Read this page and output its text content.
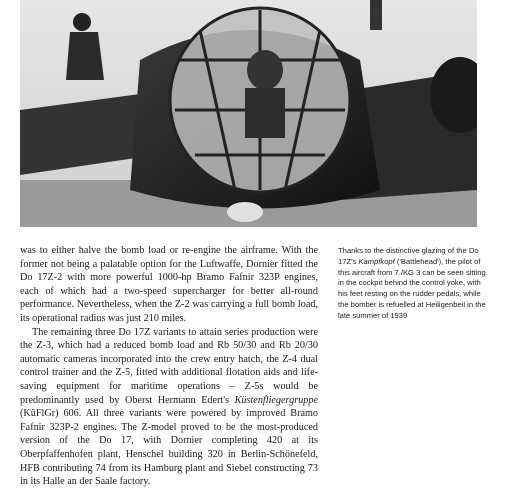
was to either halve the bomb load or re-engine the airframe. With the former not being a palatable option for the Luftwaffe, Dornier fitted the Do 17Z-2 with more powerful 1000-hp Bramo Fafnir 323P engines, each of which had a two-speed supercharger for better all-round performance. Nevertheless, when the Z-2 was carrying a full bomb load, its operational radius was just 210 miles.

The remaining three Do 17Z variants to attain series production were the Z-3, which had a reduced bomb load and Rb 50/30 and Rb 20/30 automatic cameras incorporated into the crew entry hatch, the Z-4 dual control trainer and the Z-5, fitted with additional flotation aids and life-saving equipment for maritime operations – Z-5s would be predominantly used by Oberst Hermann Edert's Küstenfliegergruppe (KüFlGr) 606. All three variants were powered by improved Bramo Fafnir 323P-2 engines. The Z-model proved to be the most-produced version of the Do 17, with Dornier completing 420 at its Oberpfaffenhofen plant, Henschel building 320 in Berlin-Schönefeld, HFB contributing 74 from its Hamburg plant and Siebel constructing 73 in its Halle an der Saale factory.

Thanks to the distinctive glazing of the Do 17Z's Kampfkopf ('Battlehead'), the pilot of this aircraft from 7./KG 3 can be seen sitting in the cockpit behind the control yoke, with his feet resting on the rudder pedals, while the bomber is refuelled at Heiligenbeil in the late summer of 1939
